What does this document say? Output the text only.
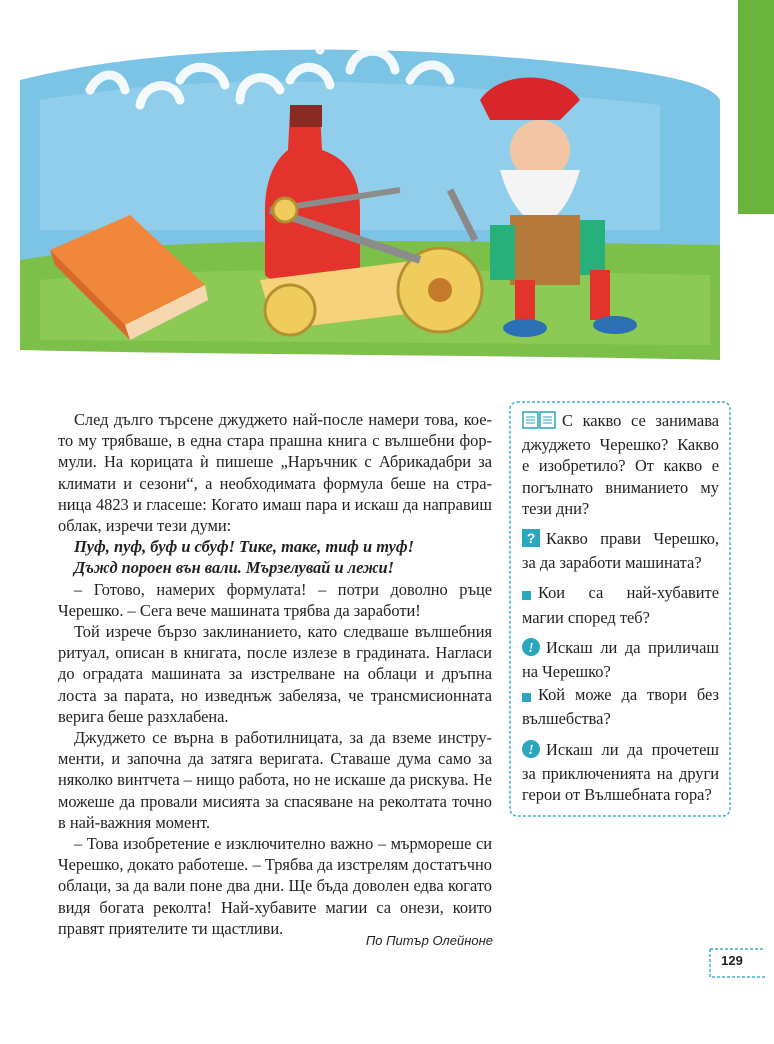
След дълго търсене джуджето най-после намери това, което му трябваше, в една стара прашна книга с вълшебни формули. На корицата ѝ пишеше „Наръчник с Абрикадабри за климати и сезони“, а необходимата формула беше на страница 4823 и гласеше: Когато имаш пара и искаш да направиш облак, изречи тези думи:

Пуф, пуф, буф и сбуф! Тике, таке, тиф и туф!

Дъжд пороен вън вали. Мързелувай и лежи!

– Готово, намерих формулата! – потри доволно ръце Черешко. – Сега вече машината трябва да заработи!

Той изрече бързо заклинанието, като следваше вълшебния ритуал, описан в книгата, после излезе в градината. Нагласи до оградата машината за изстрелване на облаци и дръпна лоста за парата, но изведнъж забеляза, че трансмисионната верига беше разхлабена.

Джуджето се върна в работилницата, за да вземе инструменти, и започна да затяга веригата. Ставаше дума само за няколко винтчета – нищо работа, но не искаше да рискува. Не можеше да провали мисията за спасяване на реколтата точно в най-важния момент.

– Това изобретение е изключително важно – мърмореше си Черешко, докато работеше. – Трябва да изстрелям достатъчно облаци, за да вали поне два дни. Ще бъда доволен едва когато видя богата реколта! Най-хубавите магии са онези, които правят приятелите ти щастливи.

По Питър Олейноне

С какво се занимава джуджето Черешко? Какво е изобретило? От какво е погълнато вниманието му тези дни?

? Какво прави Черешко, за да заработи машината?

Кои са най-хубавите магии според теб?

! Искаш ли да приличаш на Черешко?

Кой може да твори без вълшебства?

! Искаш ли да прочетеш за приключенията на други герои от Вълшебната гора?

129
